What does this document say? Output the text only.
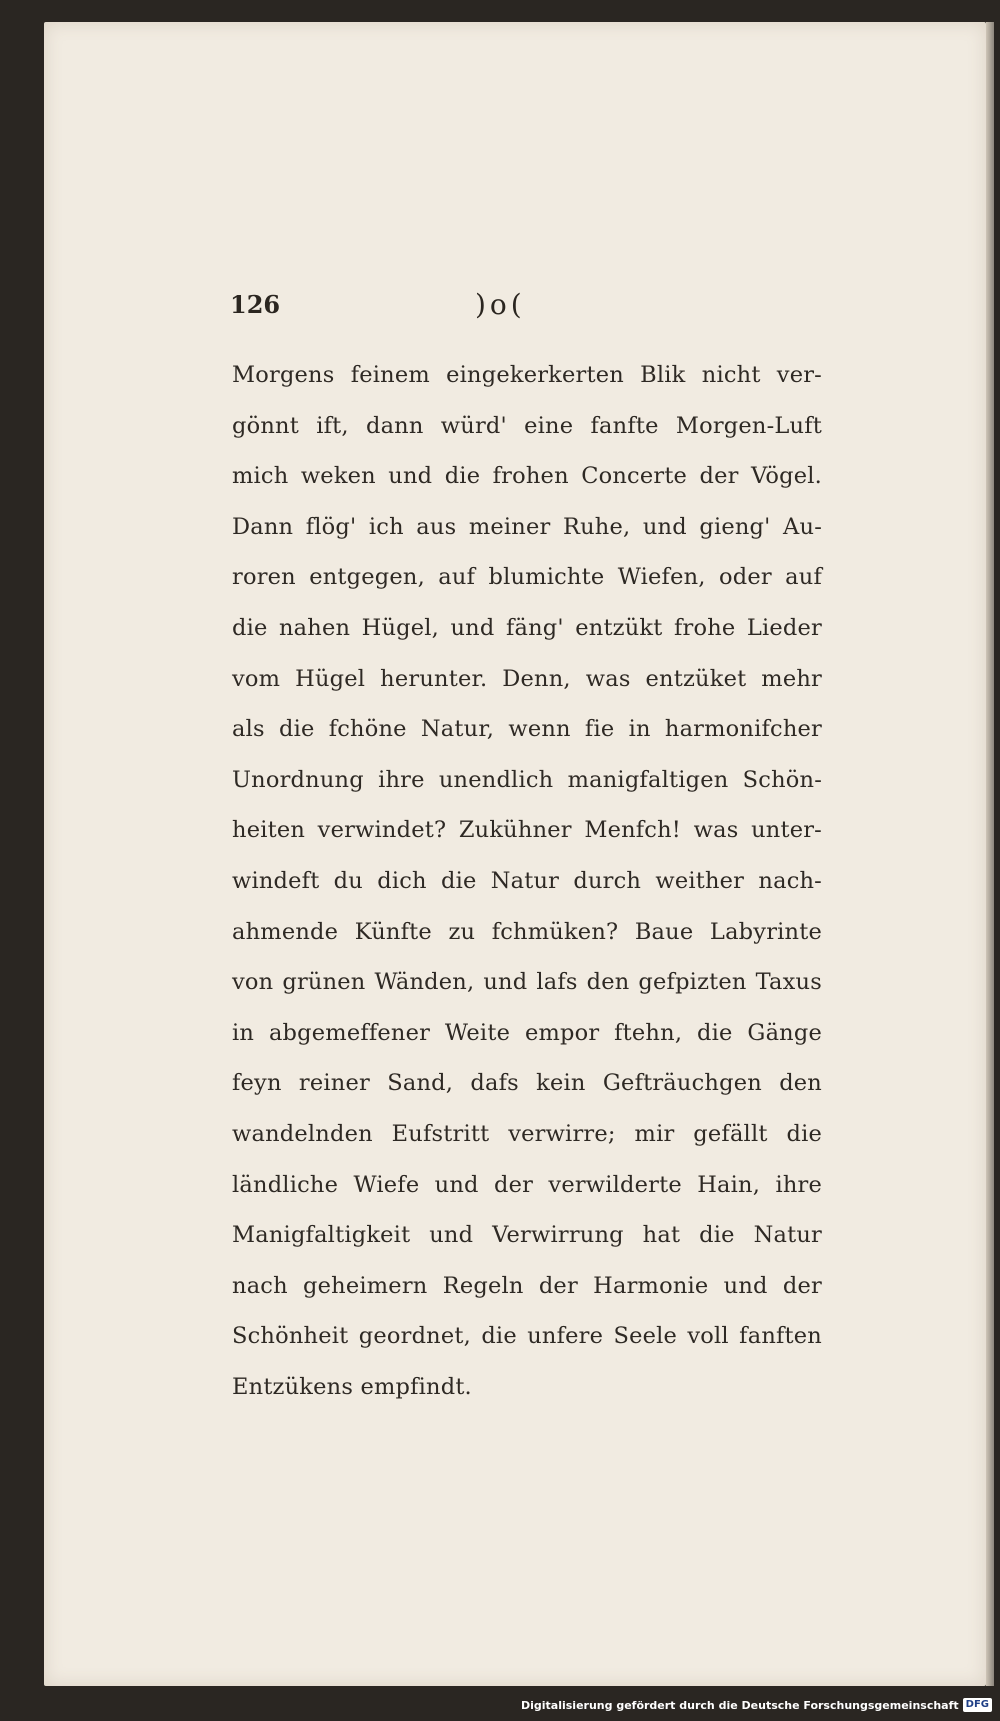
126	)o(
Morgens feinem eingekerkerten Blik nicht ver-
gönnt ift, dann würd' eine fanfte Morgen-Luft
mich weken und die frohen Concerte der Vögel.
Dann flög' ich aus meiner Ruhe, und gieng' Au-
roren entgegen, auf blumichte Wiefen, oder auf
die nahen Hügel, und fäng' entzükt frohe Lieder
vom Hügel herunter. Denn, was entzüket mehr
als die fchöne Natur, wenn fie in harmonifcher
Unordnung ihre unendlich manigfaltigen Schön-
heiten verwindet? Zukühner Menfch! was unter-
windeft du dich die Natur durch weither nach-
ahmende Künfte zu fchmüken? Baue Labyrinte
von grünen Wänden, und lafs den gefpizten Taxus
in abgemeffener Weite empor ftehn, die Gänge
feyn reiner Sand, dafs kein Gefträuchgen den
wandelnden Eufstritt verwirre; mir gefällt die
ländliche Wiefe und der verwilderte Hain, ihre
Manigfaltigkeit und Verwirrung hat die Natur
nach geheimern Regeln der Harmonie und der
Schönheit geordnet, die unfere Seele voll fanften
Entzükens empfindt.
Digitalisierung gefördert durch die Deutsche Forschungsgemeinschaft DFG
